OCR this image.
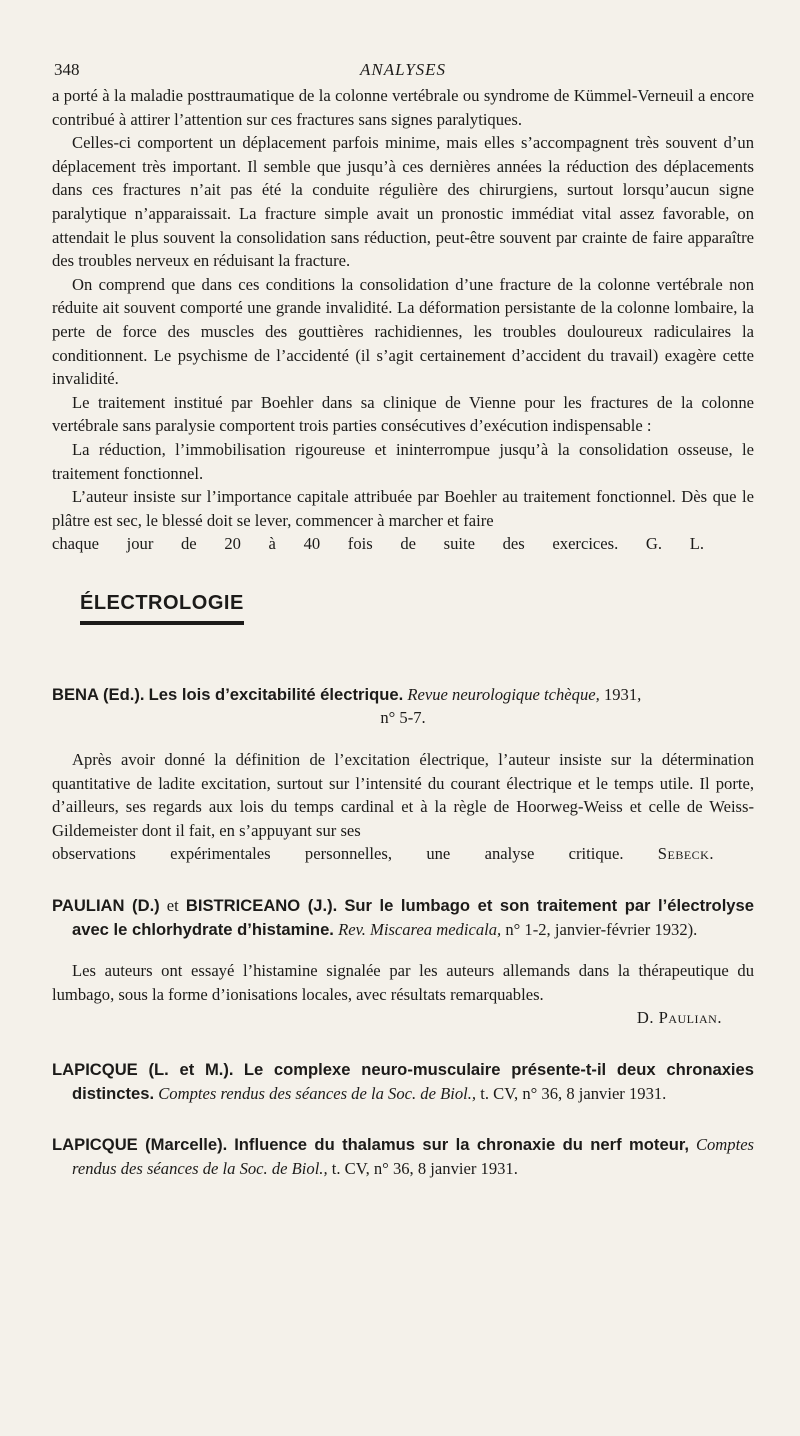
348	ANALYSES

a porté à la maladie posttraumatique de la colonne vertébrale ou syndrome de Kümmel-Verneuil a encore contribué à attirer l’attention sur ces fractures sans signes paralytiques.

Celles-ci comportent un déplacement parfois minime, mais elles s’accompagnent très souvent d’un déplacement très important. Il semble que jusqu’à ces dernières années la réduction des déplacements dans ces fractures n’ait pas été la conduite régulière des chirurgiens, surtout lorsqu’aucun signe paralytique n’apparaissait. La fracture simple avait un pronostic immédiat vital assez favorable, on attendait le plus souvent la consolidation sans réduction, peut-être souvent par crainte de faire apparaître des troubles nerveux en réduisant la fracture.

On comprend que dans ces conditions la consolidation d’une fracture de la colonne vertébrale non réduite ait souvent comporté une grande invalidité. La déformation persistante de la colonne lombaire, la perte de force des muscles des gouttières rachidiennes, les troubles douloureux radiculaires la conditionnent. Le psychisme de l’accidenté (il s’agit certainement d’accident du travail) exagère cette invalidité.

Le traitement institué par Boehler dans sa clinique de Vienne pour les fractures de la colonne vertébrale sans paralysie comportent trois parties consécutives d’exécution indispensable :

La réduction, l’immobilisation rigoureuse et ininterrompue jusqu’à la consolidation osseuse, le traitement fonctionnel.

L’auteur insiste sur l’importance capitale attribuée par Boehler au traitement fonctionnel. Dès que le plâtre est sec, le blessé doit se lever, commencer à marcher et faire

chaque jour de 20 à 40 fois de suite des exercices. G. L.

ÉLECTROLOGIE

BENA (Ed.). Les lois d’excitabilité électrique. Revue neurologique tchèque, 1931,

n° 5-7.

Après avoir donné la définition de l’excitation électrique, l’auteur insiste sur la détermination quantitative de ladite excitation, surtout sur l’intensité du courant électrique et le temps utile. Il porte, d’ailleurs, ses regards aux lois du temps cardinal et à la règle de Hoorweg-Weiss et celle de Weiss-Gildemeister dont il fait, en s’appuyant sur ses

observations expérimentales personnelles, une analyse critique. Sebeck.

PAULIAN (D.) et BISTRICEANO (J.). Sur le lumbago et son traitement par l’électrolyse avec le chlorhydrate d’histamine. Rev. Miscarea medicala, n° 1-2, janvier-février 1932).

Les auteurs ont essayé l’histamine signalée par les auteurs allemands dans la thérapeutique du lumbago, sous la forme d’ionisations locales, avec résultats remarquables.

D. Paulian.

LAPICQUE (L. et M.). Le complexe neuro-musculaire présente-t-il deux chronaxies distinctes. Comptes rendus des séances de la Soc. de Biol., t. CV, n° 36, 8 janvier 1931.

LAPICQUE (Marcelle). Influence du thalamus sur la chronaxie du nerf moteur, Comptes rendus des séances de la Soc. de Biol., t. CV, n° 36, 8 janvier 1931.
